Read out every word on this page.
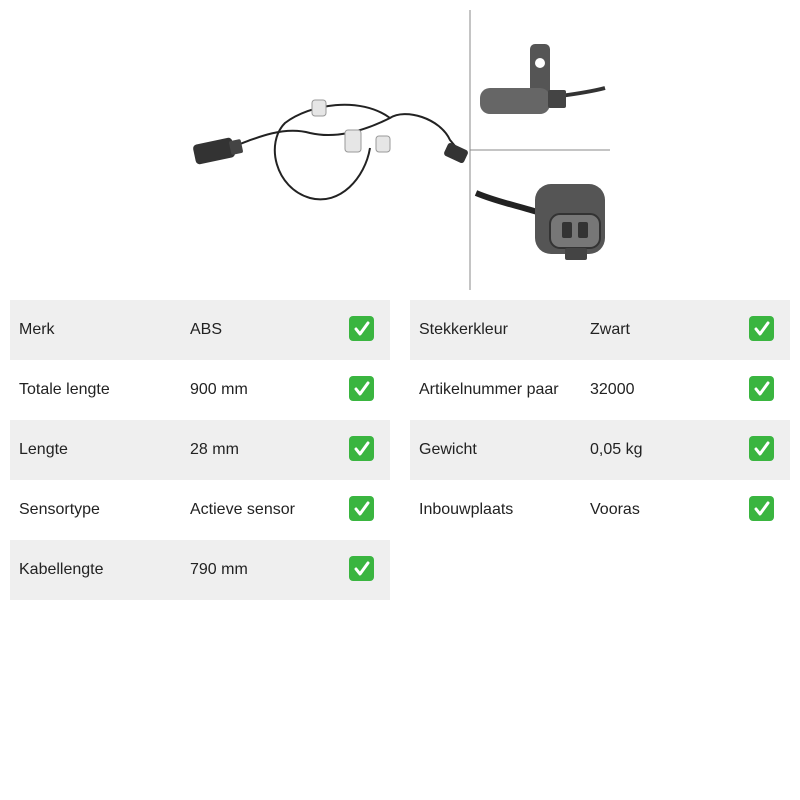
Merk	ABS
Totale lengte	900 mm
Lengte	28 mm
Sensortype	Actieve sensor
Kabellengte	790 mm
Stekkerkleur	Zwart
Artikelnummer paar 32000
Gewicht	0,05 kg
Inbouwplaats	Vooras
